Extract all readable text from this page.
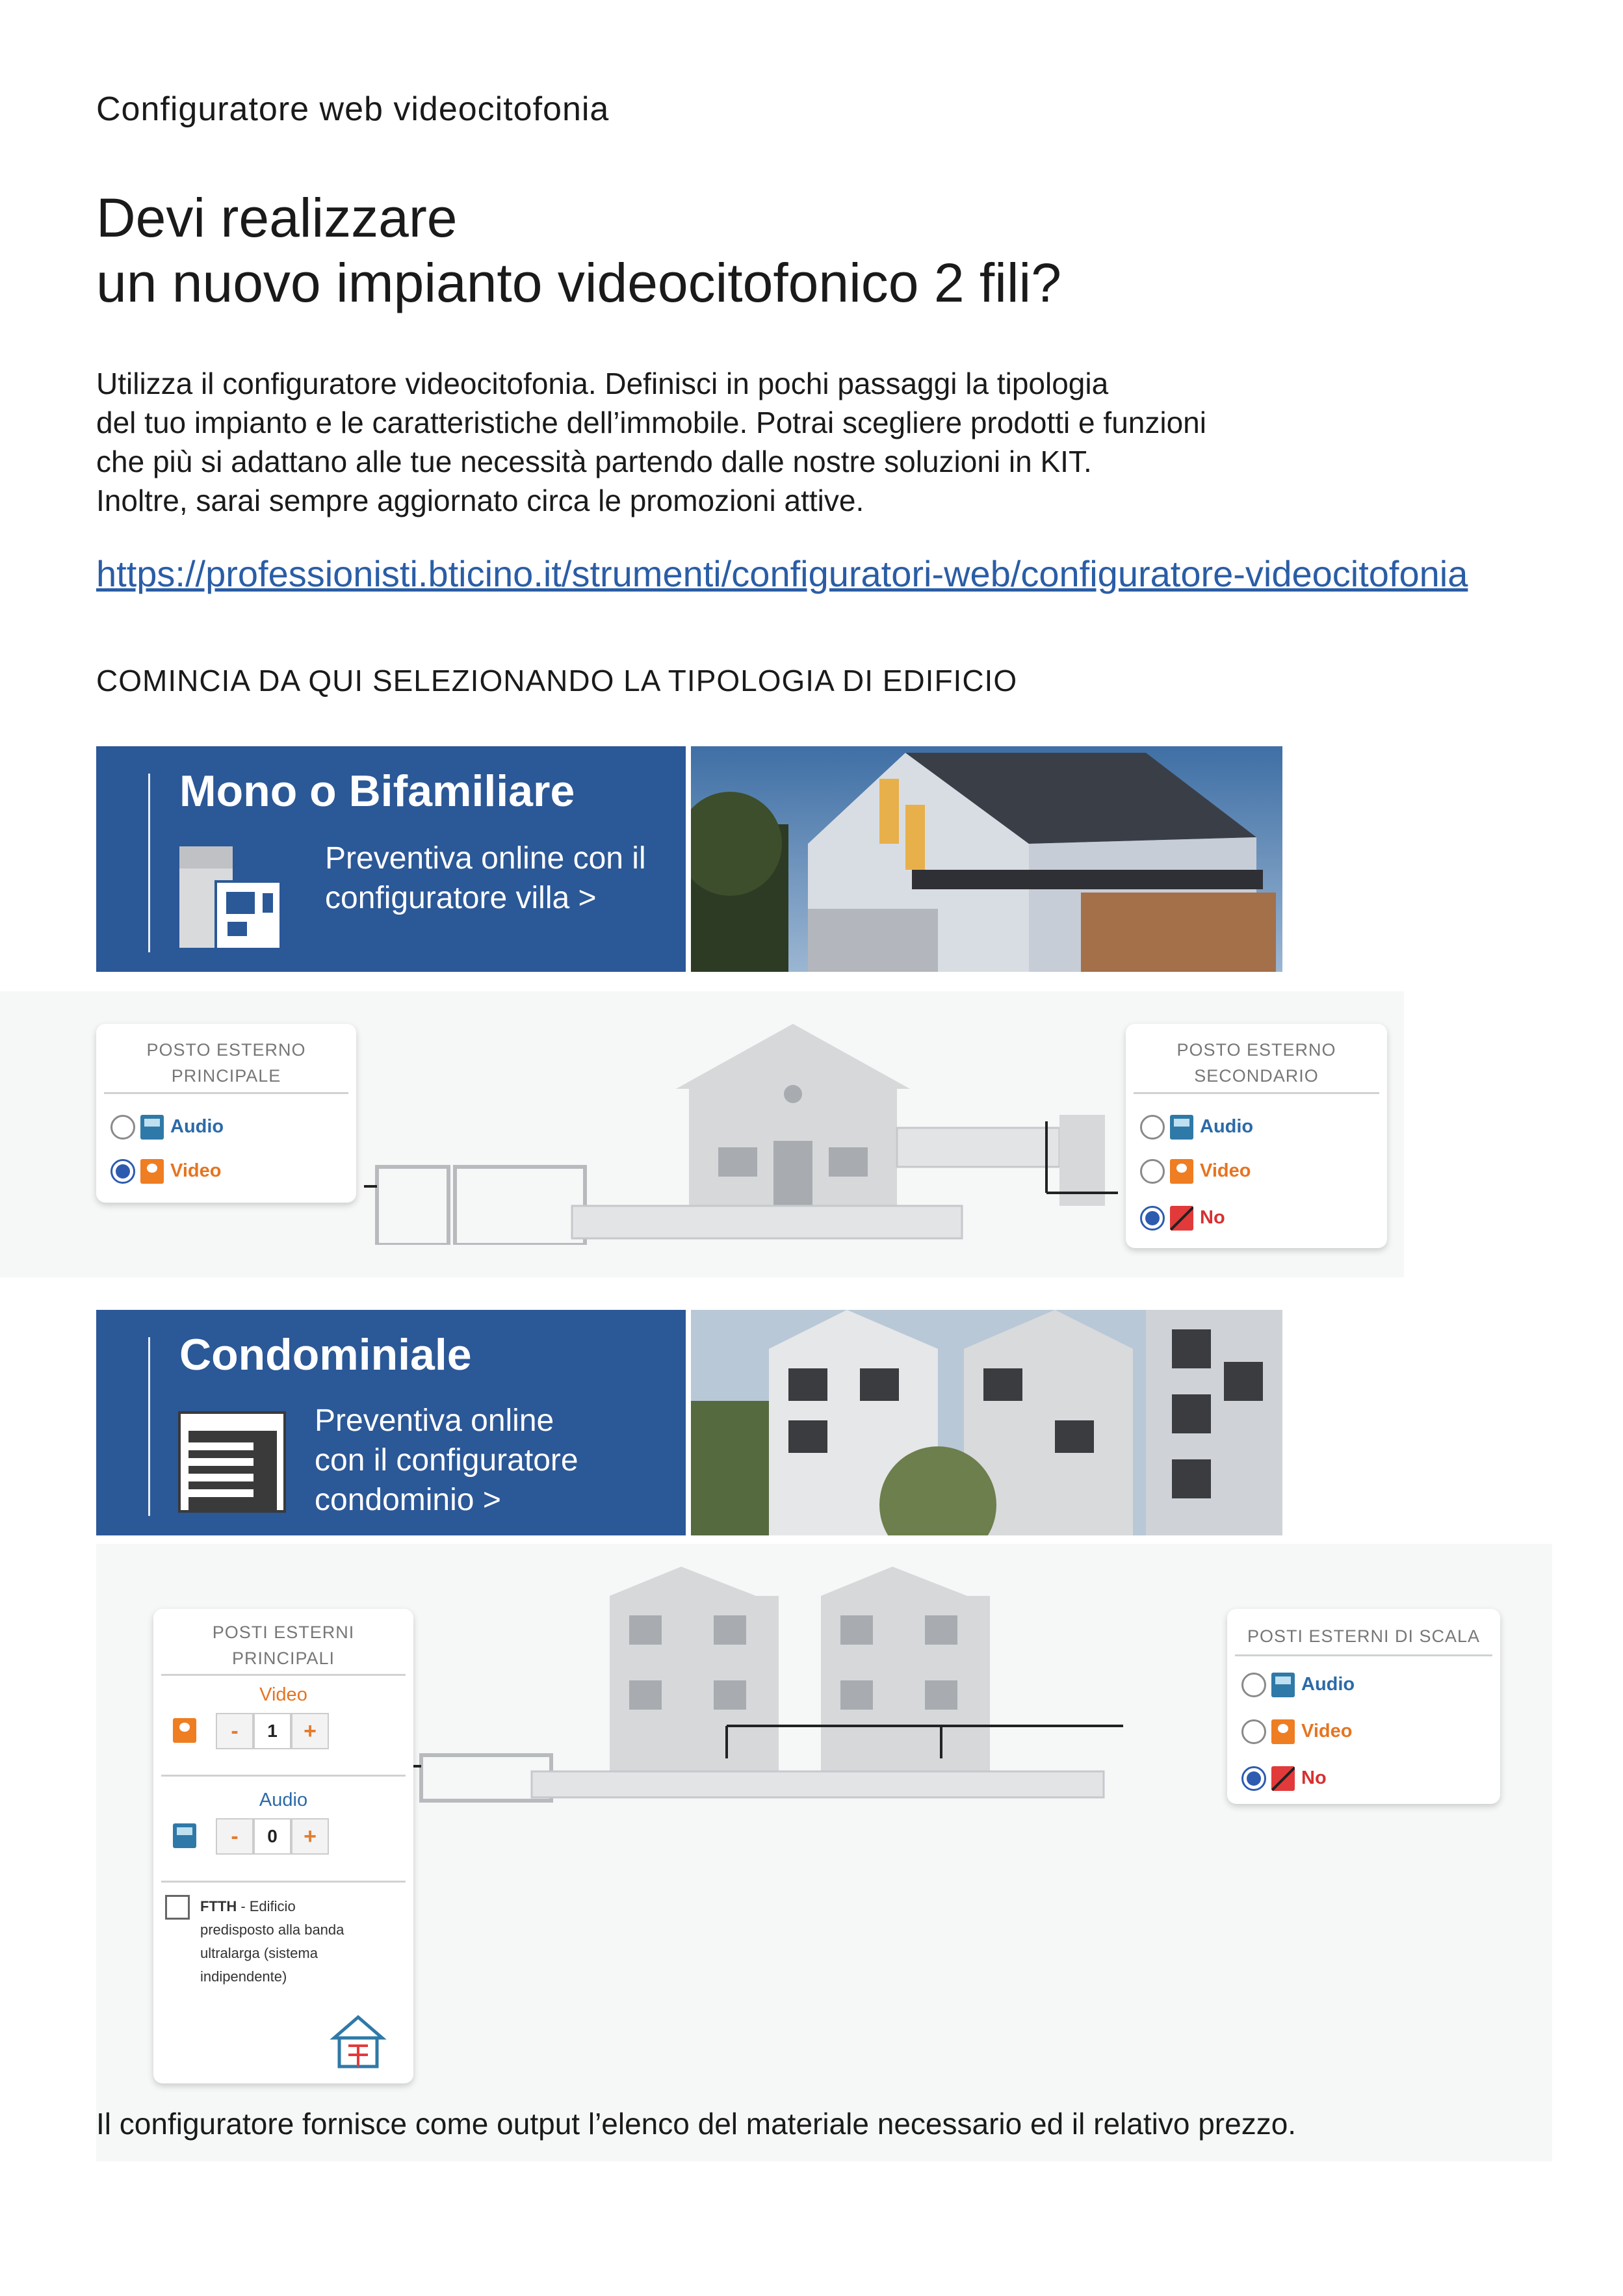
Configuratore web videocitofonia
Devi realizzare
un nuovo impianto videocitofonico 2 fili?
Utilizza il configuratore videocitofonia. Definisci in pochi passaggi la tipologia
del tuo impianto e le caratteristiche dell’immobile. Potrai scegliere prodotti e funzioni
che più si adattano alle tue necessità partendo dalle nostre soluzioni in KIT.
Inoltre, sarai sempre aggiornato circa le promozioni attive.
https://professionisti.bticino.it/strumenti/configuratori-web/configuratore-videocitofonia
COMINCIA DA QUI SELEZIONANDO LA TIPOLOGIA DI EDIFICIO
Mono o Bifamiliare
Preventiva online con il
configuratore villa >
POSTO ESTERNO
PRINCIPALE
Audio
Video
POSTO ESTERNO
SECONDARIO
Audio
Video
No
Condominiale
Preventiva online
con il configuratore
condominio >
POSTI ESTERNI
PRINCIPALI
Video
-	1	+
Audio
-	0	+
FTTH - Edificio
predisposto alla banda
ultralarga (sistema
indipendente)
POSTI ESTERNI DI SCALA
Audio
Video
No
Il configuratore fornisce come output l’elenco del materiale necessario ed il relativo prezzo.
